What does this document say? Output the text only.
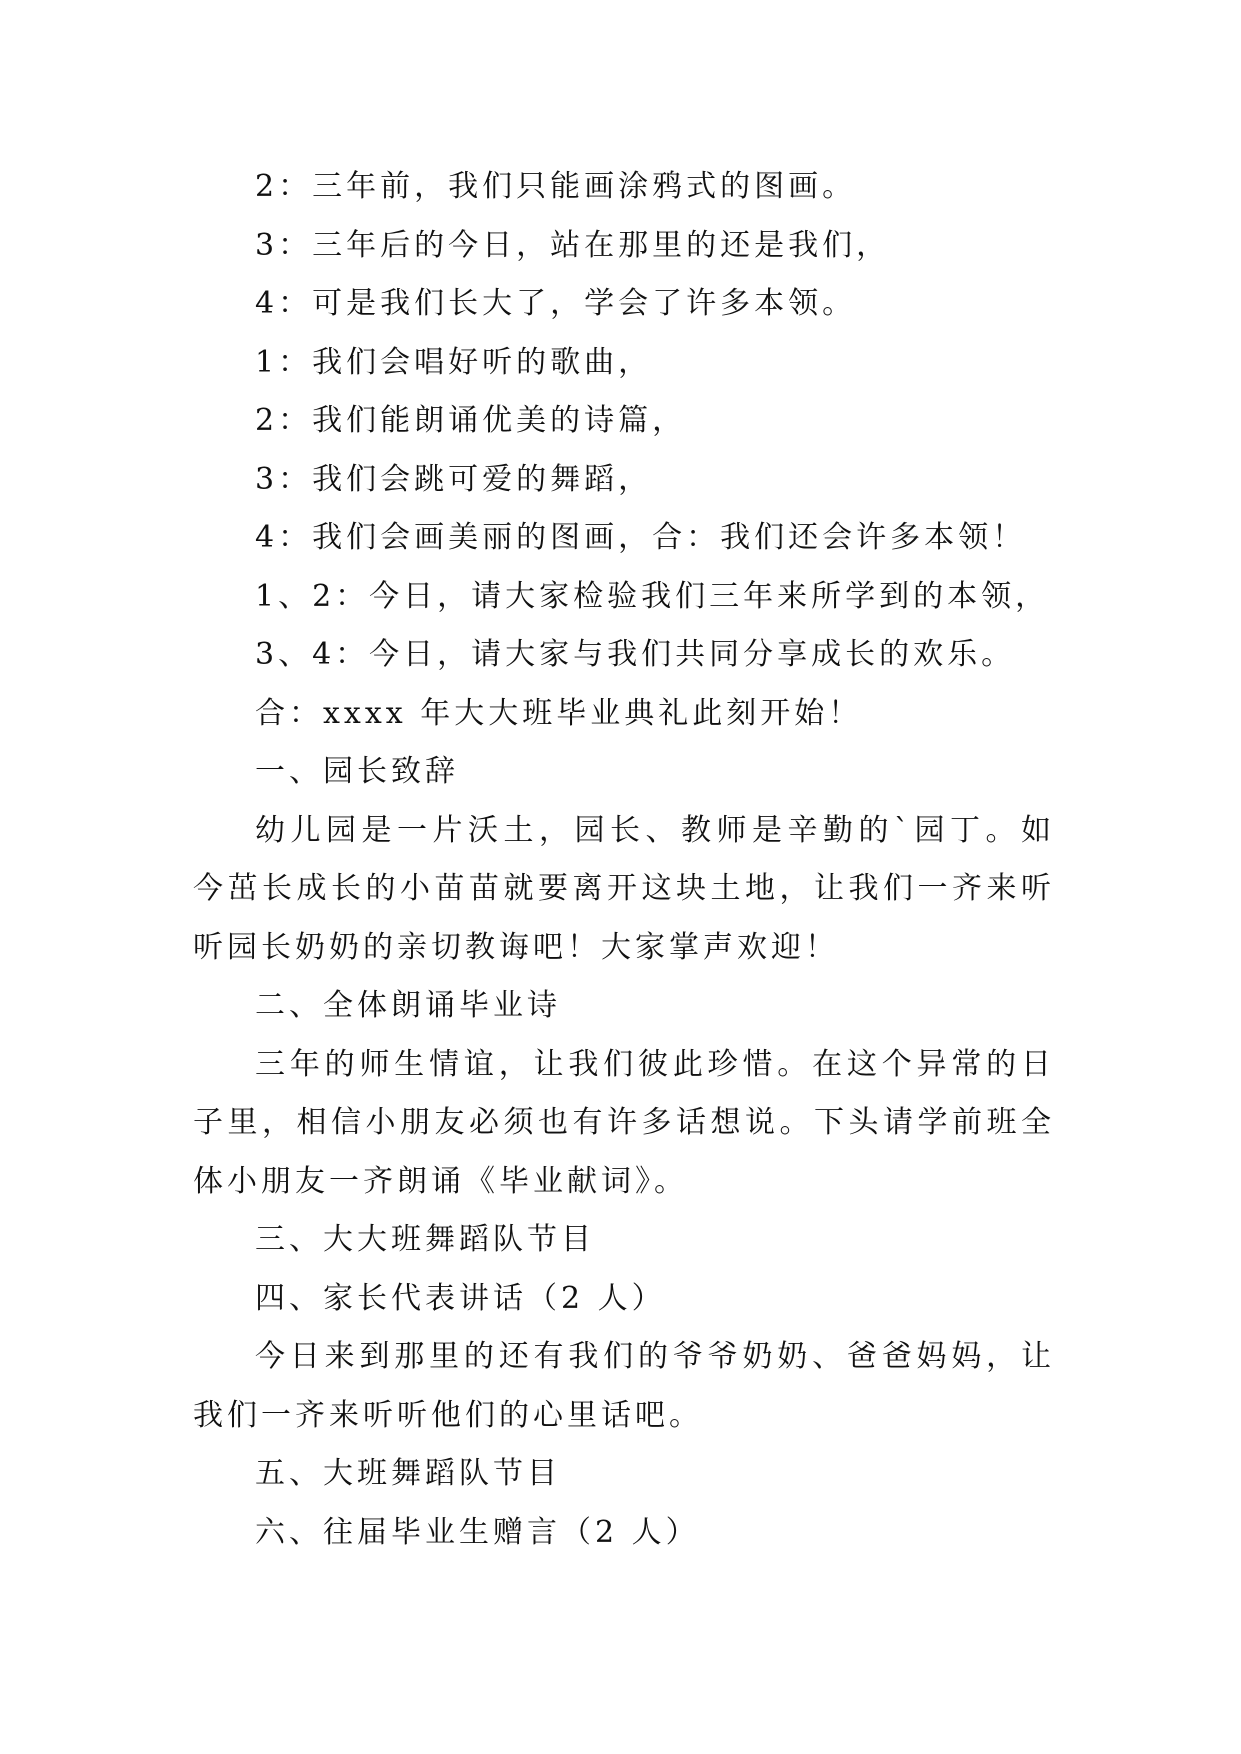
2：三年前，我们只能画涂鸦式的图画。

3：三年后的今日，站在那里的还是我们，

4：可是我们长大了，学会了许多本领。

1：我们会唱好听的歌曲，

2：我们能朗诵优美的诗篇，

3：我们会跳可爱的舞蹈，

4：我们会画美丽的图画，合：我们还会许多本领！

1、2：今日，请大家检验我们三年来所学到的本领，

3、4：今日，请大家与我们共同分享成长的欢乐。

合：xxxx 年大大班毕业典礼此刻开始！

一、园长致辞

幼儿园是一片沃土，园长、教师是辛勤的`园丁。如今茁长成长的小苗苗就要离开这块土地，让我们一齐来听听园长奶奶的亲切教诲吧！大家掌声欢迎！

二、全体朗诵毕业诗

三年的师生情谊，让我们彼此珍惜。在这个异常的日子里，相信小朋友必须也有许多话想说。下头请学前班全体小朋友一齐朗诵《毕业献词》。

三、大大班舞蹈队节目

四、家长代表讲话（2 人）

今日来到那里的还有我们的爷爷奶奶、爸爸妈妈，让我们一齐来听听他们的心里话吧。

五、大班舞蹈队节目

六、往届毕业生赠言（2 人）
